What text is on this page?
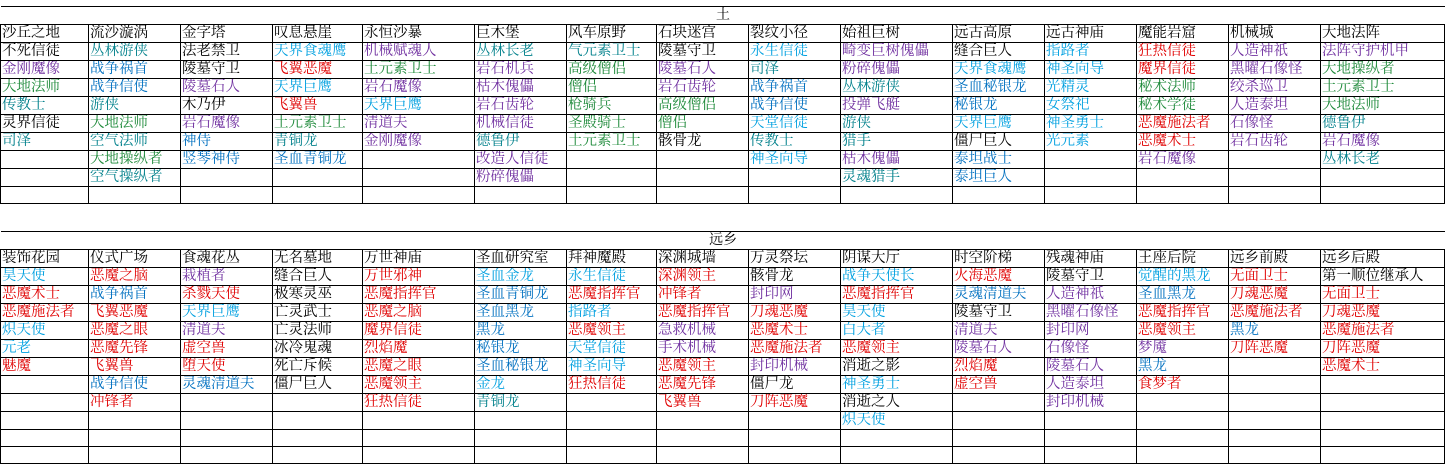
土														
沙丘之地	流沙漩涡	金字塔	叹息悬崖	永恒沙暴	巨木堡	风车原野	石块迷宫	裂纹小径	始祖巨树	远古高原	远古神庙	魔能岩窟	机械城	大地法阵
不死信徒	丛林游侠	法老禁卫	天界食魂鹰	机械赋魂人	丛林长老	气元素卫士	陵墓守卫	永生信徒	畸变巨树傀儡	缝合巨人	指路者	狂热信徒	人造神祇	法阵守护机甲
金刚魔像	战争祸首	陵墓守卫	飞翼恶魔	土元素卫士	岩石机兵	高级僧侣	陵墓石人	司泽	粉碎傀儡	天界食魂鹰	神圣向导	魔界信徒	黑曜石像怪	大地操纵者
大地法师	战争信使	陵墓石人	天界巨鹰	岩石魔像	枯木傀儡	僧侣	岩石齿轮	战争祸首	丛林游侠	圣血秘银龙	光精灵	秘术法师	绞杀巡卫	土元素卫士
传教士	游侠	木乃伊	飞翼兽	天界巨鹰	岩石齿轮	枪骑兵	高级僧侣	战争信使	投弹飞艇	秘银龙	女祭祀	秘术学徒	人造泰坦	大地法师
灵界信徒	大地法师	岩石魔像	土元素卫士	清道夫	机械信徒	圣殿骑士	僧侣	天堂信徒	游侠	天界巨鹰	神圣勇士	恶魔施法者	石像怪	德鲁伊
司泽	空气法师	神侍	青铜龙	金刚魔像	德鲁伊	土元素卫士	骸骨龙	传教士	猎手	僵尸巨人	光元素	恶魔术士	岩石齿轮	岩石魔像
	大地操纵者	竖琴神侍	圣血青铜龙		改造人信徒			神圣向导	枯木傀儡	泰坦战士		岩石魔像		丛林长老
	空气操纵者				粉碎傀儡				灵魂猎手	泰坦巨人				

远乡														
装饰花园	仪式广场	食魂花丛	无名墓地	万世神庙	圣血研究室	拜神魔殿	深渊城墙	万灵祭坛	阴谋大厅	时空阶梯	残魂神庙	王座后院	远乡前殿	远乡后殿
昊天使	恶魔之脑	栽植者	缝合巨人	万世邪神	圣血金龙	永生信徒	深渊领主	骸骨龙	战争天使长	火海恶魔	陵墓守卫	觉醒的黑龙	无面卫士	第一顺位继承人
恶魔术士	战争祸首	杀戮天使	极寒灵巫	恶魔指挥官	圣血青铜龙	恶魔指挥官	冲锋者	封印网	恶魔指挥官	灵魂清道夫	人造神祇	圣血黑龙	刀魂恶魔	无面卫士
恶魔施法者	飞翼恶魔	天界巨鹰	亡灵武士	恶魔之脑	圣血黑龙	指路者	恶魔指挥官	刀魂恶魔	昊天使	陵墓守卫	黑曜石像怪	恶魔指挥官	恶魔施法者	刀魂恶魔
炽天使	恶魔之眼	清道夫	亡灵法师	魔界信徒	黑龙	恶魔领主	急救机械	恶魔术士	白大者	清道夫	封印网	恶魔领主	黑龙	恶魔施法者
元老	恶魔先锋	虚空兽	冰冷鬼魂	烈焰魔	秘银龙	天堂信徒	手术机械	恶魔施法者	恶魔领主	陵墓石人	石像怪	梦魇	刀阵恶魔	刀阵恶魔
魅魔	飞翼兽	堕天使	死亡斥候	恶魔之眼	圣血秘银龙	神圣向导	恶魔领主	封印机械	消逝之影	烈焰魔	陵墓石人	黑龙		恶魔术士
	战争信使	灵魂清道夫	僵尸巨人	恶魔领主	金龙	狂热信徒	恶魔先锋	僵尸龙	神圣勇士	虚空兽	人造泰坦	食梦者		
	冲锋者			狂热信徒	青铜龙		飞翼兽	刀阵恶魔	消逝之人		封印机械			
									炽天使					
